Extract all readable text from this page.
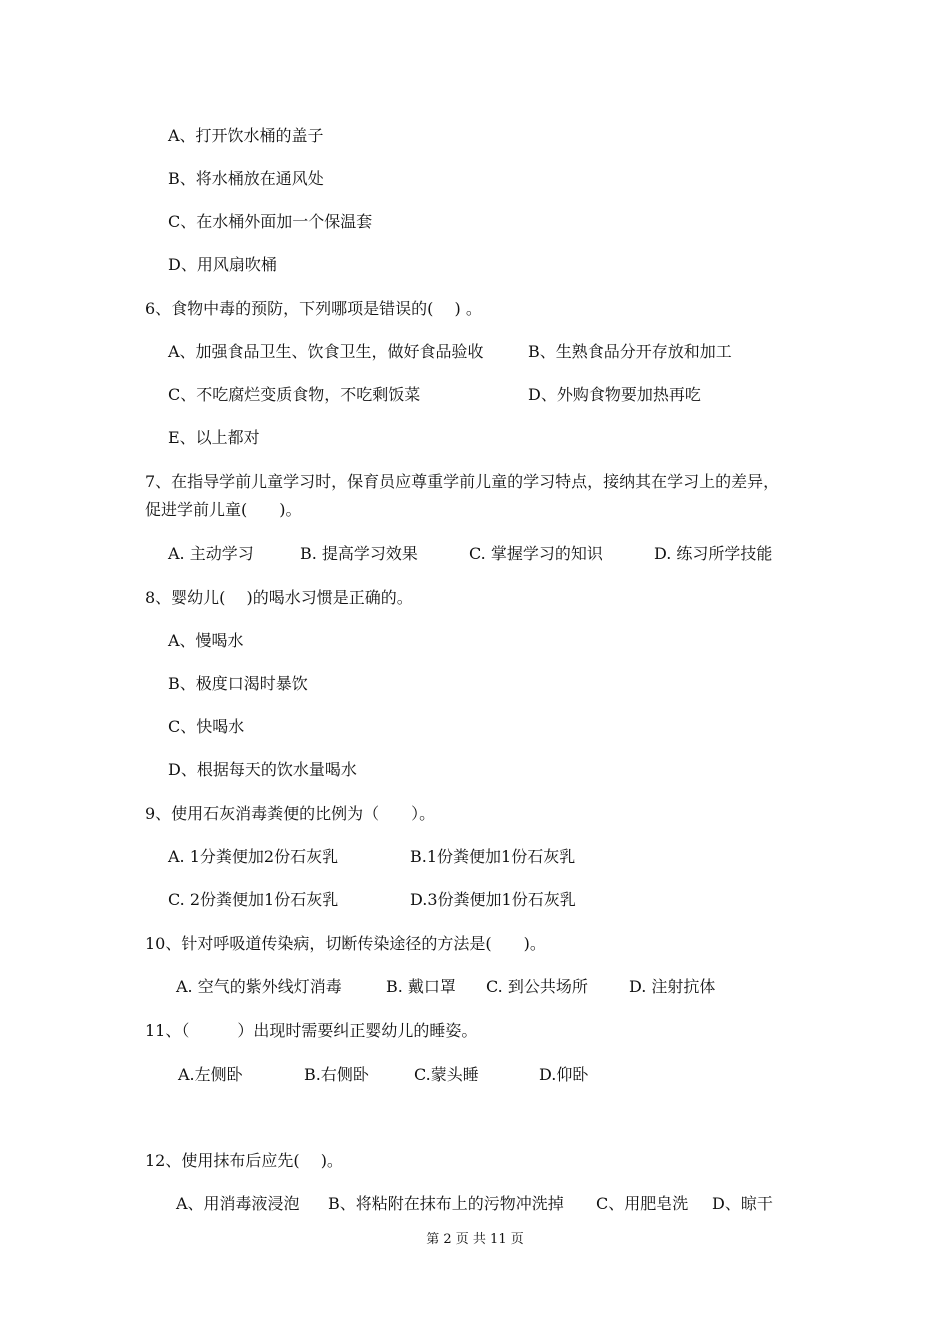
A、打开饮水桶的盖子
B、将水桶放在通风处
C、在水桶外面加一个保温套
D、用风扇吹桶
6、食物中毒的预防，下列哪项是错误的(　 ) 。
A、加强食品卫生、饮食卫生，做好食品验收	B、生熟食品分开存放和加工
C、不吃腐烂变质食物，不吃剩饭菜	D、外购食物要加热再吃
E、以上都对
7、在指导学前儿童学习时，保育员应尊重学前儿童的学习特点，接纳其在学习上的差异，
促进学前儿童(　　)。
A. 主动学习	B. 提高学习效果	C. 掌握学习的知识	D. 练习所学技能
8、婴幼儿(　 )的喝水习惯是正确的。
A、慢喝水
B、极度口渴时暴饮
C、快喝水
D、根据每天的饮水量喝水
9、使用石灰消毒粪便的比例为（　　）。
A. 1分粪便加2份石灰乳	B.1份粪便加1份石灰乳
C. 2份粪便加1份石灰乳	D.3份粪便加1份石灰乳
10、针对呼吸道传染病，切断传染途径的方法是(　　)。
A. 空气的紫外线灯消毒	B. 戴口罩 C. 到公共场所	D. 注射抗体
11、（　　　）出现时需要纠正婴幼儿的睡姿。
A.左侧卧	B.右侧卧	C.蒙头睡	D.仰卧
12、使用抹布后应先(　 )。
A、用消毒液浸泡 B、将粘附在抹布上的污物冲洗掉 C、用肥皂洗 D、晾干
第 2 页 共 11 页
